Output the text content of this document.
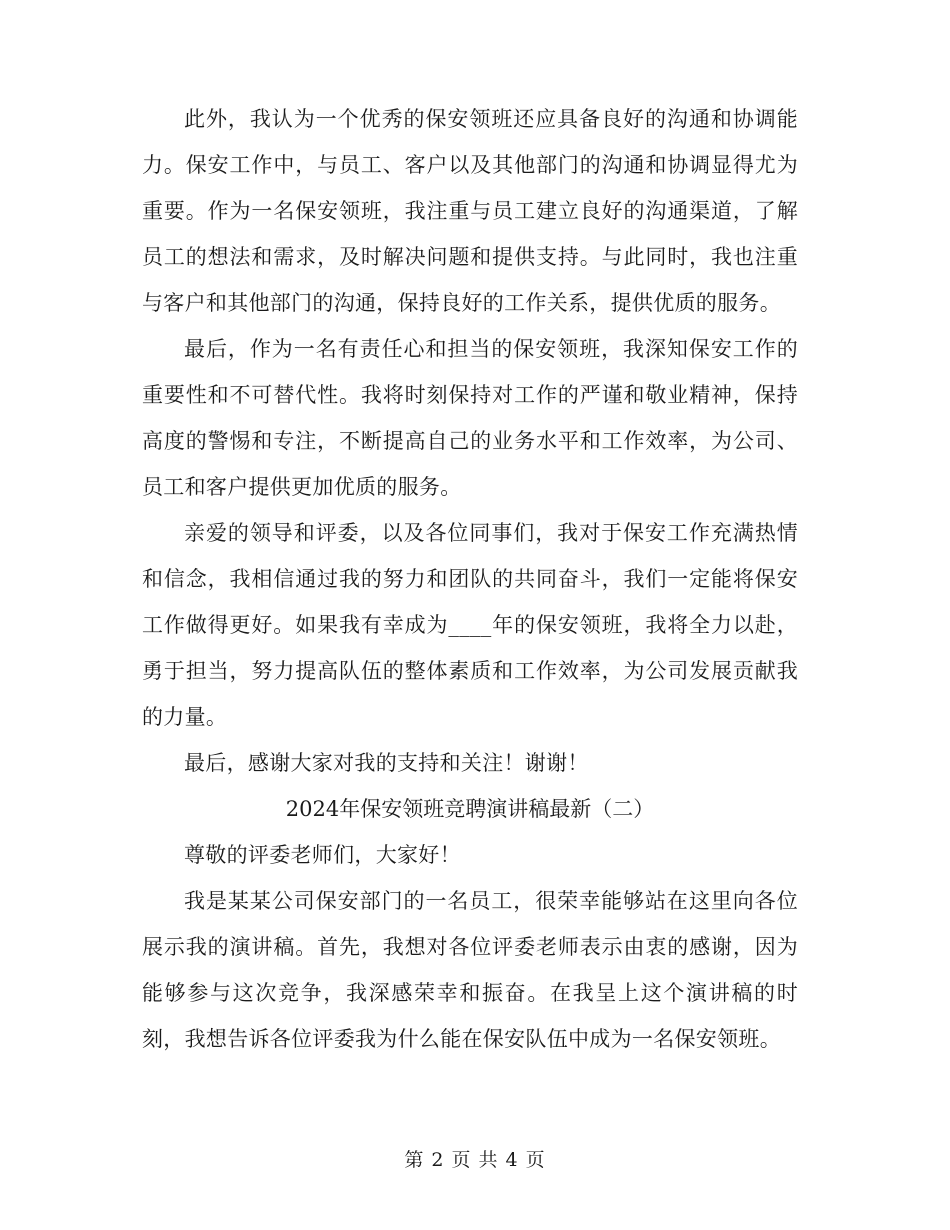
此外，我认为一个优秀的保安领班还应具备良好的沟通和协调能力。保安工作中，与员工、客户以及其他部门的沟通和协调显得尤为重要。作为一名保安领班，我注重与员工建立良好的沟通渠道，了解员工的想法和需求，及时解决问题和提供支持。与此同时，我也注重与客户和其他部门的沟通，保持良好的工作关系，提供优质的服务。

最后，作为一名有责任心和担当的保安领班，我深知保安工作的重要性和不可替代性。我将时刻保持对工作的严谨和敬业精神，保持高度的警惕和专注，不断提高自己的业务水平和工作效率，为公司、员工和客户提供更加优质的服务。

亲爱的领导和评委，以及各位同事们，我对于保安工作充满热情和信念，我相信通过我的努力和团队的共同奋斗，我们一定能将保安工作做得更好。如果我有幸成为____年的保安领班，我将全力以赴，勇于担当，努力提高队伍的整体素质和工作效率，为公司发展贡献我的力量。

最后，感谢大家对我的支持和关注！谢谢！

2024年保安领班竞聘演讲稿最新（二）

尊敬的评委老师们，大家好！

我是某某公司保安部门的一名员工，很荣幸能够站在这里向各位展示我的演讲稿。首先，我想对各位评委老师表示由衷的感谢，因为能够参与这次竞争，我深感荣幸和振奋。在我呈上这个演讲稿的时刻，我想告诉各位评委我为什么能在保安队伍中成为一名保安领班。

第 2 页 共 4 页
